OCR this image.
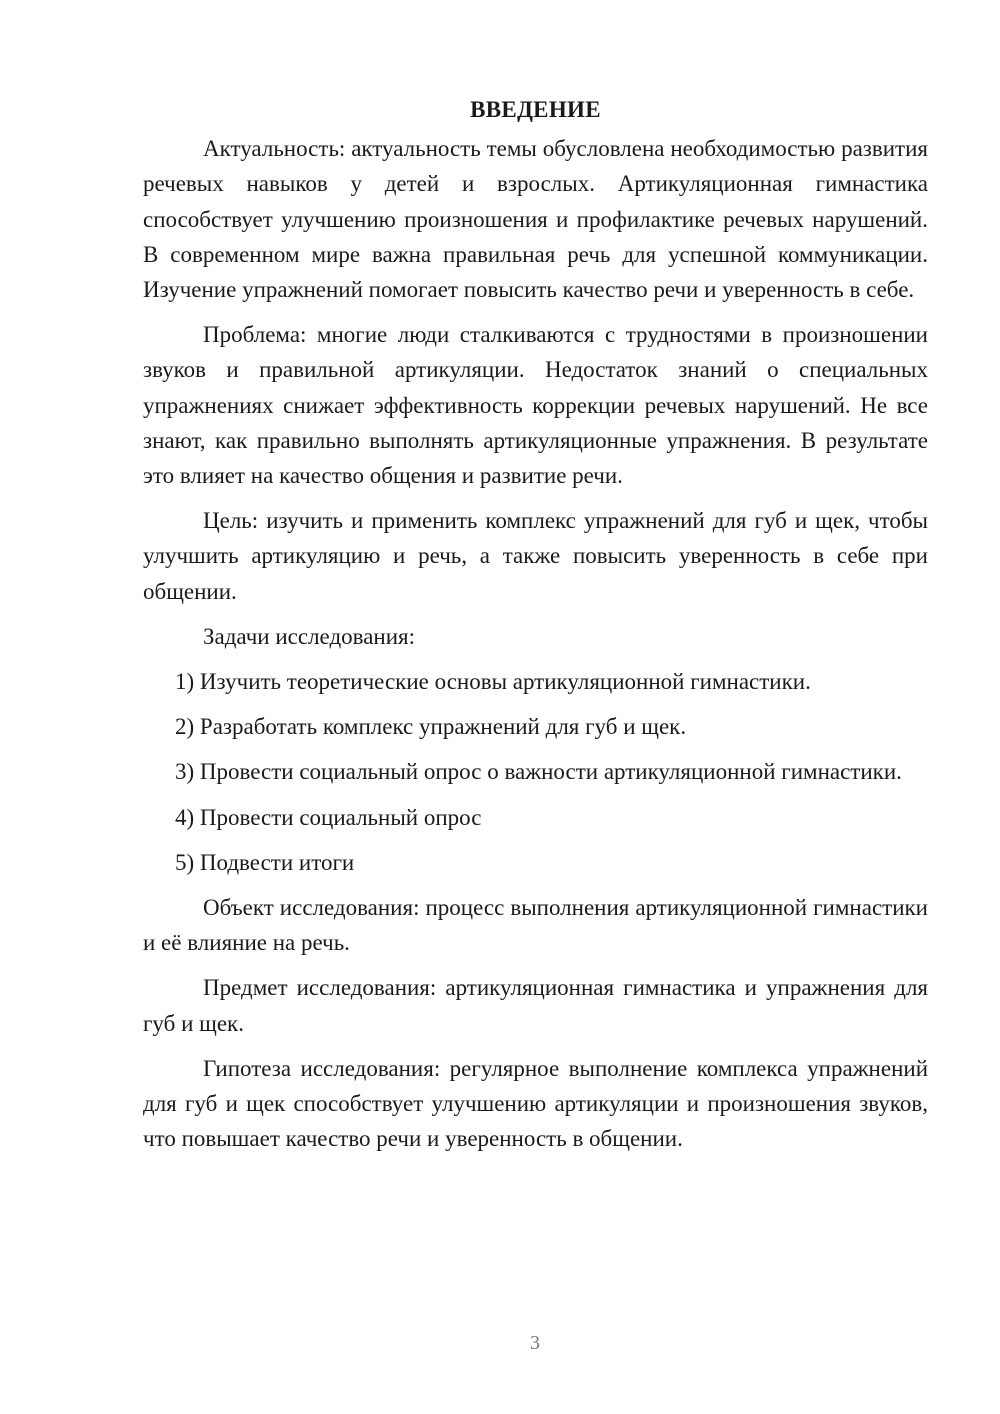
ВВЕДЕНИЕ

Актуальность: актуальность темы обусловлена необходимостью развития речевых навыков у детей и взрослых. Артикуляционная гимнастика способствует улучшению произношения и профилактике речевых нарушений. В современном мире важна правильная речь для успешной коммуникации. Изучение упражнений помогает повысить качество речи и уверенность в себе.

Проблема: многие люди сталкиваются с трудностями в произношении звуков и правильной артикуляции. Недостаток знаний о специальных упражнениях снижает эффективность коррекции речевых нарушений. Не все знают, как правильно выполнять артикуляционные упражнения. В результате это влияет на качество общения и развитие речи.

Цель: изучить и применить комплекс упражнений для губ и щек, чтобы улучшить артикуляцию и речь, а также повысить уверенность в себе при общении.

Задачи исследования:

1) Изучить теоретические основы артикуляционной гимнастики.

2) Разработать комплекс упражнений для губ и щек.

3) Провести социальный опрос о важности артикуляционной гимнастики.

4) Провести социальный опрос

5) Подвести итоги

Объект исследования: процесс выполнения артикуляционной гимнастики и её влияние на речь.

Предмет исследования: артикуляционная гимнастика и упражнения для губ и щек.

Гипотеза исследования: регулярное выполнение комплекса упражнений для губ и щек способствует улучшению артикуляции и произношения звуков, что повышает качество речи и уверенность в общении.

3
